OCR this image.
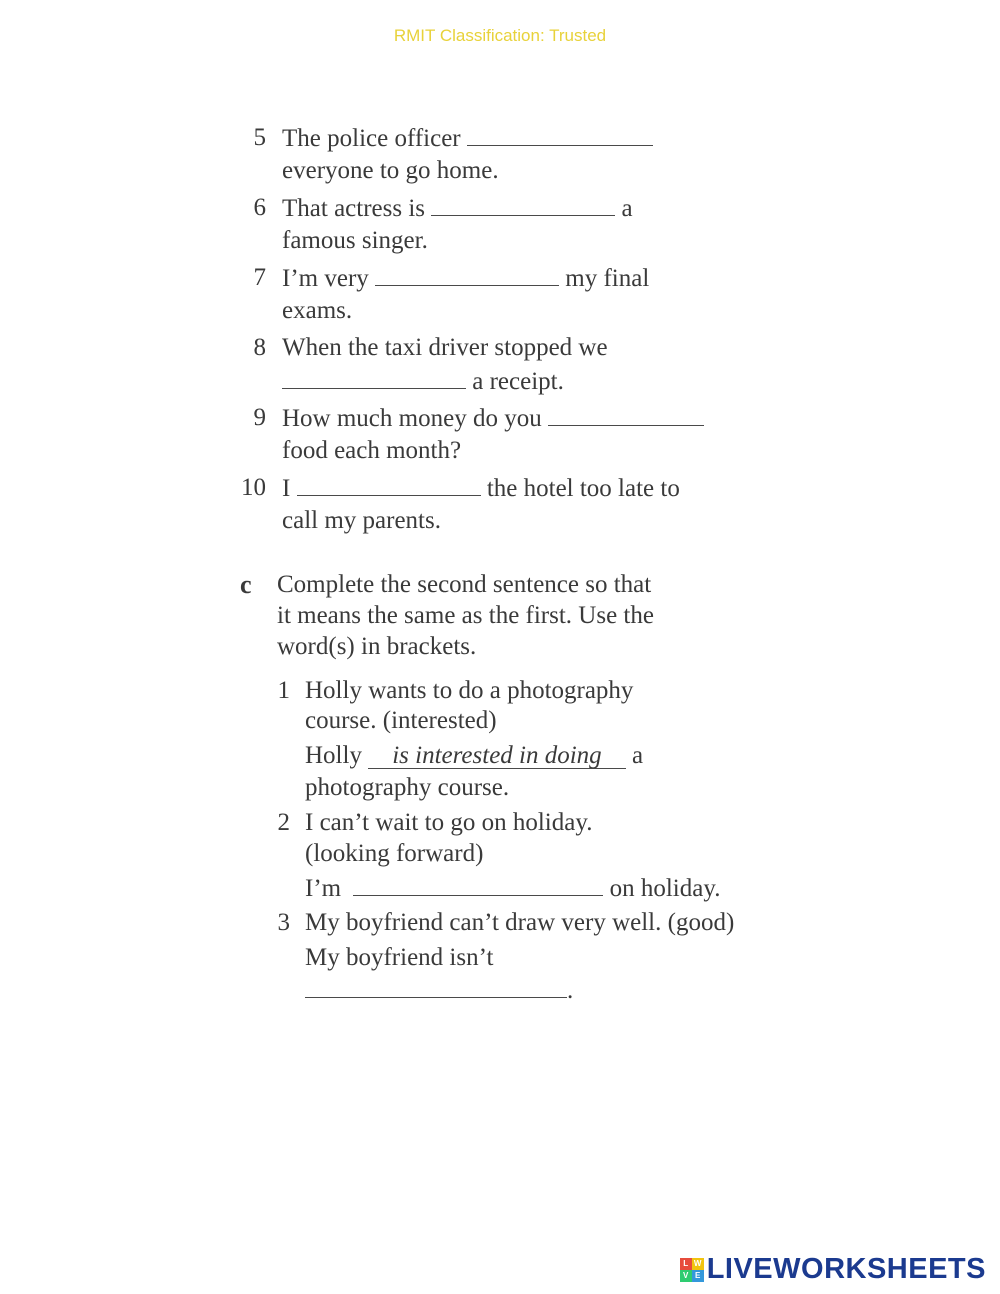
RMIT Classification: Trusted
5 The police officer
everyone to go home.
6 That actress is	a
famous singer.
7 I’m very	my final
exams.
8 When the taxi driver stopped we
a receipt.
9 How much money do you
food each month?
10 I	the hotel too late to
call my parents.
c Complete the second sentence so that
it means the same as the first. Use the
word(s) in brackets.
1 Holly wants to do a photography
course. (interested)
Holly is interested in doing a
photography course.
2 I can’t wait to go on holiday.
(looking forward)
I’m	on holiday.
3 My boyfriend can’t draw very well. (good)
My boyfriend isn’t
.
L W
V E LIVEWORKSHEETS
